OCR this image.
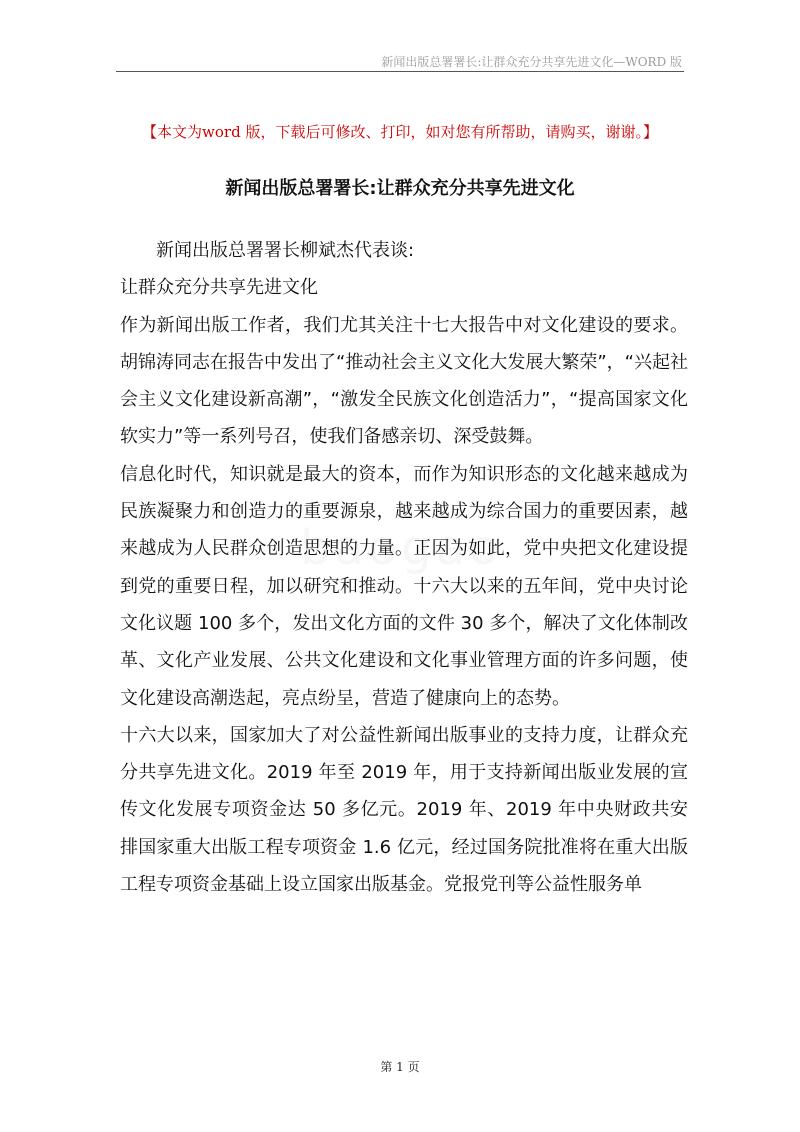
新闻出版总署署长:让群众充分共享先进文化—WORD 版
【本文为word 版，下载后可修改、打印，如对您有所帮助，请购买，谢谢。】
新闻出版总署署长:让群众充分共享先进文化

新闻出版总署署长柳斌杰代表谈:

让群众充分共享先进文化

作为新闻出版工作者，我们尤其关注十七大报告中对文化建设的要求。胡锦涛同志在报告中发出了“推动社会主义文化大发展大繁荣”，“兴起社会主义文化建设新高潮”，“激发全民族文化创造活力”，“提高国家文化软实力”等一系列号召，使我们备感亲切、深受鼓舞。

信息化时代，知识就是最大的资本，而作为知识形态的文化越来越成为民族凝聚力和创造力的重要源泉，越来越成为综合国力的重要因素，越来越成为人民群众创造思想的力量。正因为如此，党中央把文化建设提到党的重要日程，加以研究和推动。十六大以来的五年间，党中央讨论文化议题 100 多个，发出文化方面的文件 30 多个，解决了文化体制改革、文化产业发展、公共文化建设和文化事业管理方面的许多问题，使文化建设高潮迭起，亮点纷呈，营造了健康向上的态势。

十六大以来，国家加大了对公益性新闻出版事业的支持力度，让群众充分共享先进文化。2019 年至 2019 年，用于支持新闻出版业发展的宣传文化发展专项资金达 50 多亿元。2019 年、2019 年中央财政共安排国家重大出版工程专项资金 1.6 亿元，经过国务院批准将在重大出版工程专项资金基础上设立国家出版基金。党报党刊等公益性服务单

第 1 页
